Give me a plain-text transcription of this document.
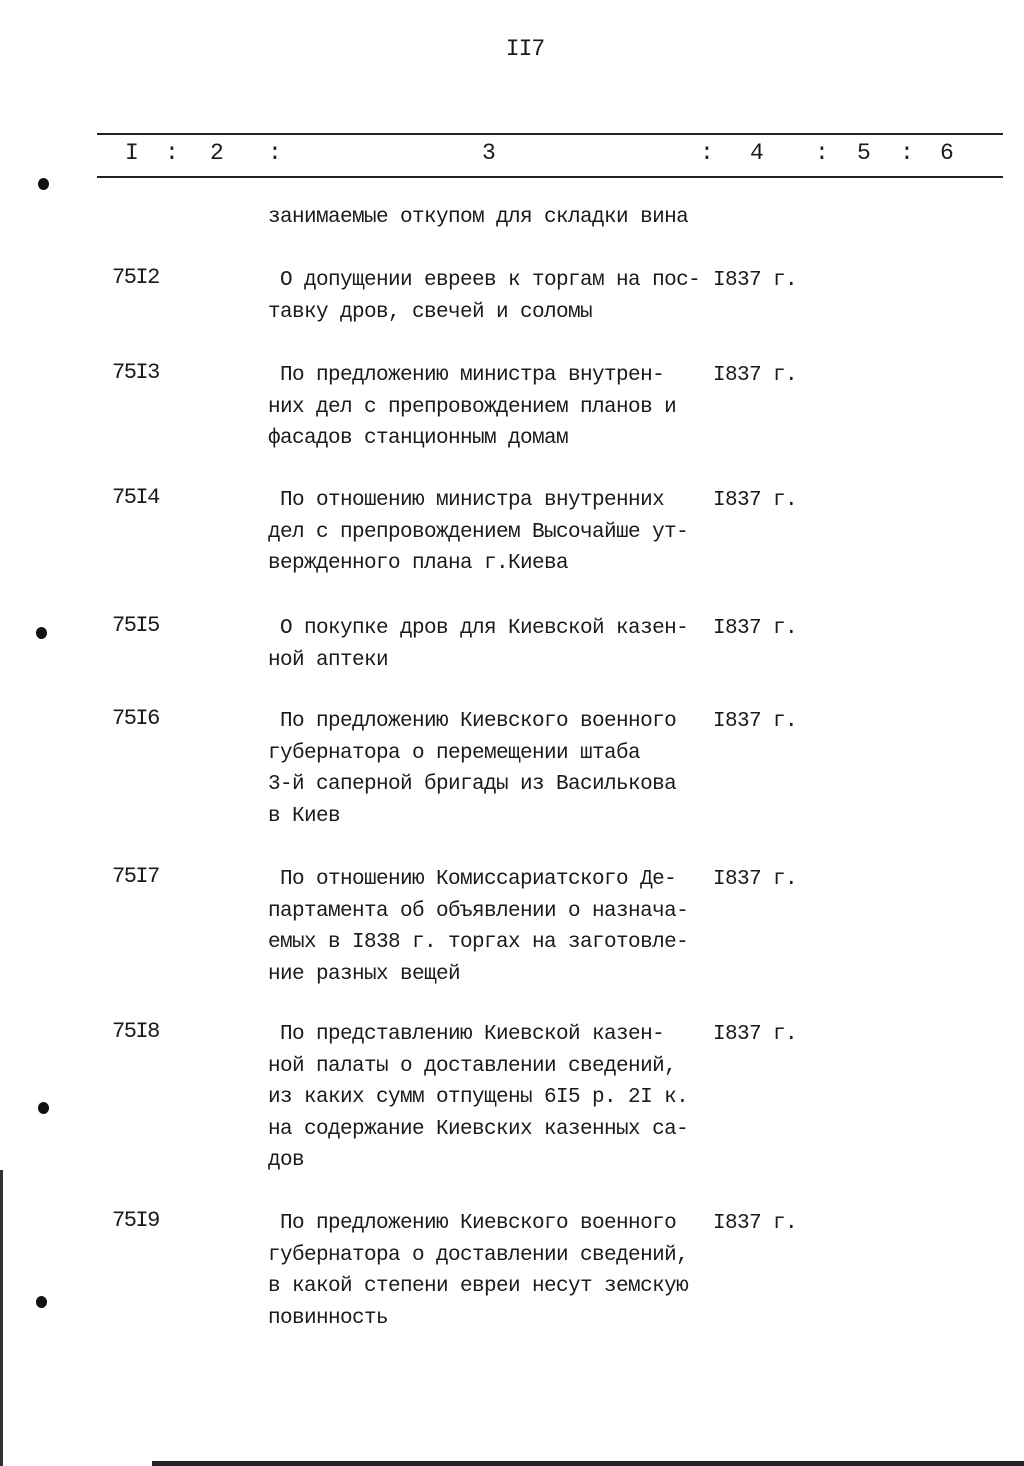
II7
I : 2 :	3	: 4 : 5 : 6
занимаемые откупом для складки вина
75I2	О допущении евреев к торгам на пос-
тавку дров, свечей и соломы
I837 г.
75I3	По предложению министра внутрен-
них дел с препровождением планов и
фасадов станционным домам
I837 г.
75I4	По отношению министра внутренних
дел с препровождением Высочайше ут-
вержденного плана г.Киева
I837 г.
75I5	О покупке дров для Киевской казен-
ной аптеки
I837 г.
75I6	По предложению Киевского военного
губернатора о перемещении штаба
3-й саперной бригады из Василькова
в Киев
I837 г.
75I7	По отношению Комиссариатского Де-
партамента об объявлении о назнача-
емых в I838 г. торгах на заготовле-
ние разных вещей
I837 г.
75I8	По представлению Киевской казен-
ной палаты о доставлении сведений,
из каких сумм отпущены 6I5 р. 2I к.
на содержание Киевских казенных са-
дов
I837 г.
75I9	По предложению Киевского военного
губернатора о доставлении сведений,
в какой степени евреи несут земскую
повинность
I837 г.
